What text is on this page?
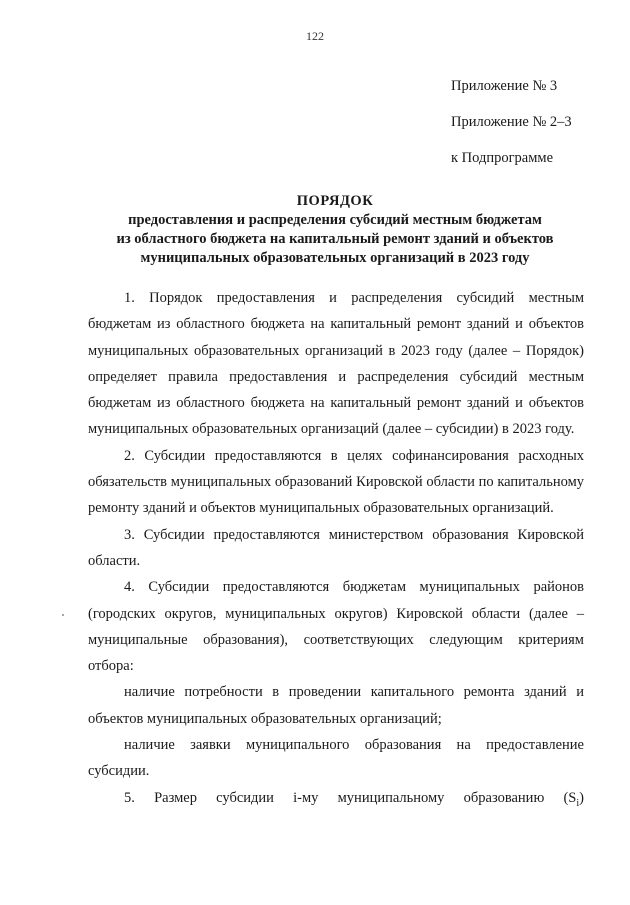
122
Приложение № 3
Приложение № 2–3
к Подпрограмме
ПОРЯДОК
предоставления и распределения субсидий местным бюджетам
из областного бюджета на капитальный ремонт зданий и объектов
муниципальных образовательных организаций в 2023 году

1. Порядок предоставления и распределения субсидий местным бюджетам из областного бюджета на капитальный ремонт зданий и объектов муниципальных образовательных организаций в 2023 году (далее – Порядок) определяет правила предоставления и распределения субсидий местным бюджетам из областного бюджета на капитальный ремонт зданий и объектов муниципальных образовательных организаций (далее – субсидии) в 2023 году.

2. Субсидии предоставляются в целях софинансирования расходных обязательств муниципальных образований Кировской области по капитальному ремонту зданий и объектов муниципальных образовательных организаций.

3. Субсидии предоставляются министерством образования Кировской области.

4. Субсидии предоставляются бюджетам муниципальных районов (городских округов, муниципальных округов) Кировской области (далее – муниципальные образования), соответствующих следующим критериям отбора:

наличие потребности в проведении капитального ремонта зданий и объектов муниципальных образовательных организаций;

наличие заявки муниципального образования на предоставление субсидии.

5. Размер субсидии i-му муниципальному образованию $(S_i)$
